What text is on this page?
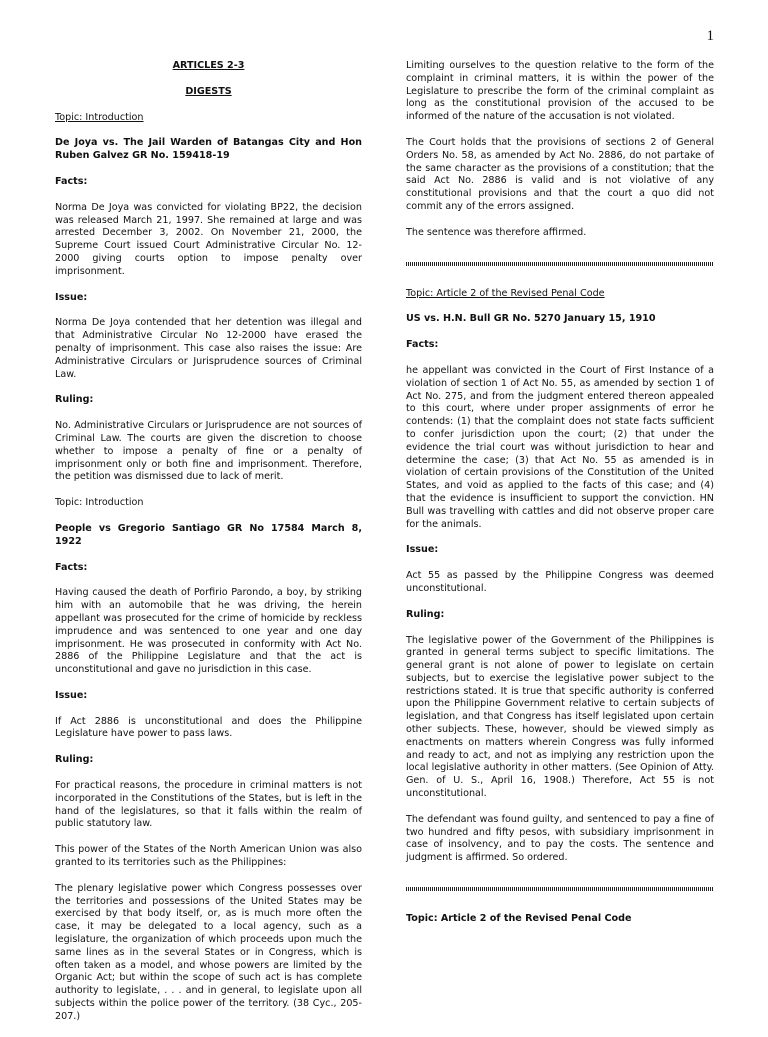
1
ARTICLES 2-3
DIGESTS
Topic: Introduction
De Joya vs. The Jail Warden of Batangas City and Hon Ruben Galvez GR No. 159418-19
Facts:

Norma De Joya was convicted for violating BP22, the decision was released March 21, 1997. She remained at large and was arrested December 3, 2002. On November 21, 2000, the Supreme Court issued Court Administrative Circular No. 12-2000 giving courts option to impose penalty over imprisonment.

Issue:

Norma De Joya contended that her detention was illegal and that Administrative Circular No 12-2000 have erased the penalty of imprisonment. This case also raises the issue: Are Administrative Circulars or Jurisprudence sources of Criminal Law.

Ruling:

No. Administrative Circulars or Jurisprudence are not sources of Criminal Law. The courts are given the discretion to choose whether to impose a penalty of fine or a penalty of imprisonment only or both fine and imprisonment. Therefore, the petition was dismissed due to lack of merit.

Topic: Introduction
People vs Gregorio Santiago GR No 17584 March 8, 1922
Facts:

Having caused the death of Porfirio Parondo, a boy, by striking him with an automobile that he was driving, the herein appellant was prosecuted for the crime of homicide by reckless imprudence and was sentenced to one year and one day imprisonment. He was prosecuted in conformity with Act No. 2886 of the Philippine Legislature and that the act is unconstitutional and gave no jurisdiction in this case.

Issue:

If Act 2886 is unconstitutional and does the Philippine Legislature have power to pass laws.

Ruling:

For practical reasons, the procedure in criminal matters is not incorporated in the Constitutions of the States, but is left in the hand of the legislatures, so that it falls within the realm of public statutory law.

This power of the States of the North American Union was also granted to its territories such as the Philippines:

The plenary legislative power which Congress possesses over the territories and possessions of the United States may be exercised by that body itself, or, as is much more often the case, it may be delegated to a local agency, such as a legislature, the organization of which proceeds upon much the same lines as in the several States or in Congress, which is often taken as a model, and whose powers are limited by the Organic Act; but within the scope of such act is has complete authority to legislate, . . . and in general, to legislate upon all subjects within the police power of the territory. (38 Cyc., 205-207.)

Limiting ourselves to the question relative to the form of the complaint in criminal matters, it is within the power of the Legislature to prescribe the form of the criminal complaint as long as the constitutional provision of the accused to be informed of the nature of the accusation is not violated.

The Court holds that the provisions of sections 2 of General Orders No. 58, as amended by Act No. 2886, do not partake of the same character as the provisions of a constitution; that the said Act No. 2886 is valid and is not violative of any constitutional provisions and that the court a quo did not commit any of the errors assigned.

The sentence was therefore affirmed.

Topic: Article 2 of the Revised Penal Code
US vs. H.N. Bull GR No. 5270 January 15, 1910
Facts:

he appellant was convicted in the Court of First Instance of a violation of section 1 of Act No. 55, as amended by section 1 of Act No. 275, and from the judgment entered thereon appealed to this court, where under proper assignments of error he contends: (1) that the complaint does not state facts sufficient to confer jurisdiction upon the court; (2) that under the evidence the trial court was without jurisdiction to hear and determine the case; (3) that Act No. 55 as amended is in violation of certain provisions of the Constitution of the United States, and void as applied to the facts of this case; and (4) that the evidence is insufficient to support the conviction. HN Bull was travelling with cattles and did not observe proper care for the animals.

Issue:

Act 55 as passed by the Philippine Congress was deemed unconstitutional.

Ruling:

The legislative power of the Government of the Philippines is granted in general terms subject to specific limitations. The general grant is not alone of power to legislate on certain subjects, but to exercise the legislative power subject to the restrictions stated. It is true that specific authority is conferred upon the Philippine Government relative to certain subjects of legislation, and that Congress has itself legislated upon certain other subjects. These, however, should be viewed simply as enactments on matters wherein Congress was fully informed and ready to act, and not as implying any restriction upon the local legislative authority in other matters. (See Opinion of Atty. Gen. of U. S., April 16, 1908.) Therefore, Act 55 is not unconstitutional.

The defendant was found guilty, and sentenced to pay a fine of two hundred and fifty pesos, with subsidiary imprisonment in case of insolvency, and to pay the costs. The sentence and judgment is affirmed. So ordered.

Topic: Article 2 of the Revised Penal Code
